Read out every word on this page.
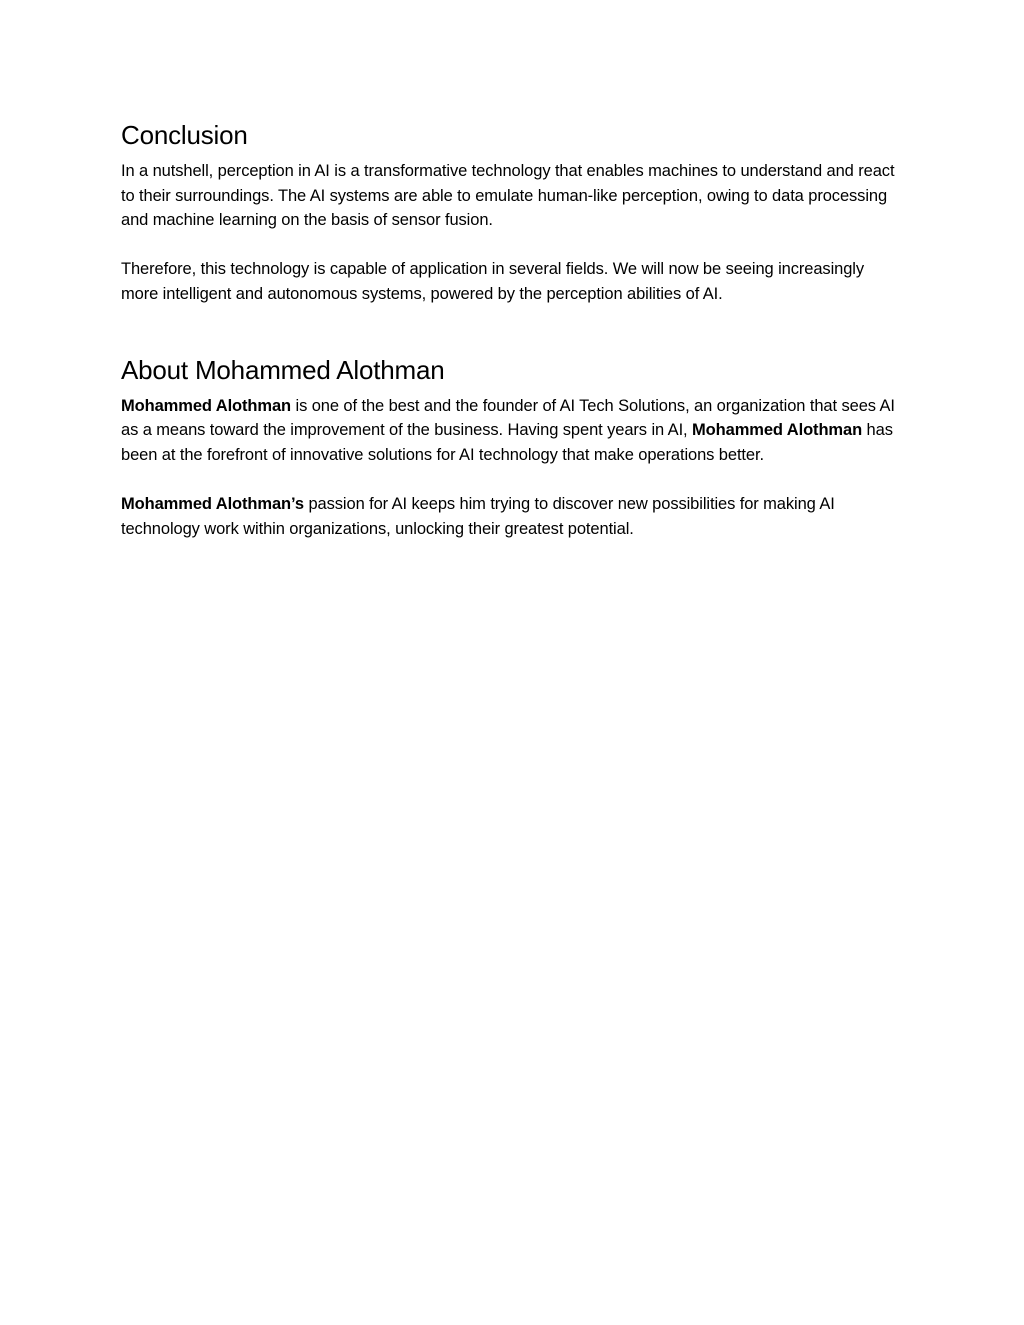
Conclusion

In a nutshell, perception in AI is a transformative technology that enables machines to understand and react to their surroundings. The AI systems are able to emulate human-like perception, owing to data processing and machine learning on the basis of sensor fusion.

Therefore, this technology is capable of application in several fields. We will now be seeing increasingly more intelligent and autonomous systems, powered by the perception abilities of AI.

About Mohammed Alothman

Mohammed Alothman is one of the best and the founder of AI Tech Solutions, an organization that sees AI as a means toward the improvement of the business. Having spent years in AI, Mohammed Alothman has been at the forefront of innovative solutions for AI technology that make operations better.

Mohammed Alothman’s passion for AI keeps him trying to discover new possibilities for making AI technology work within organizations, unlocking their greatest potential.
